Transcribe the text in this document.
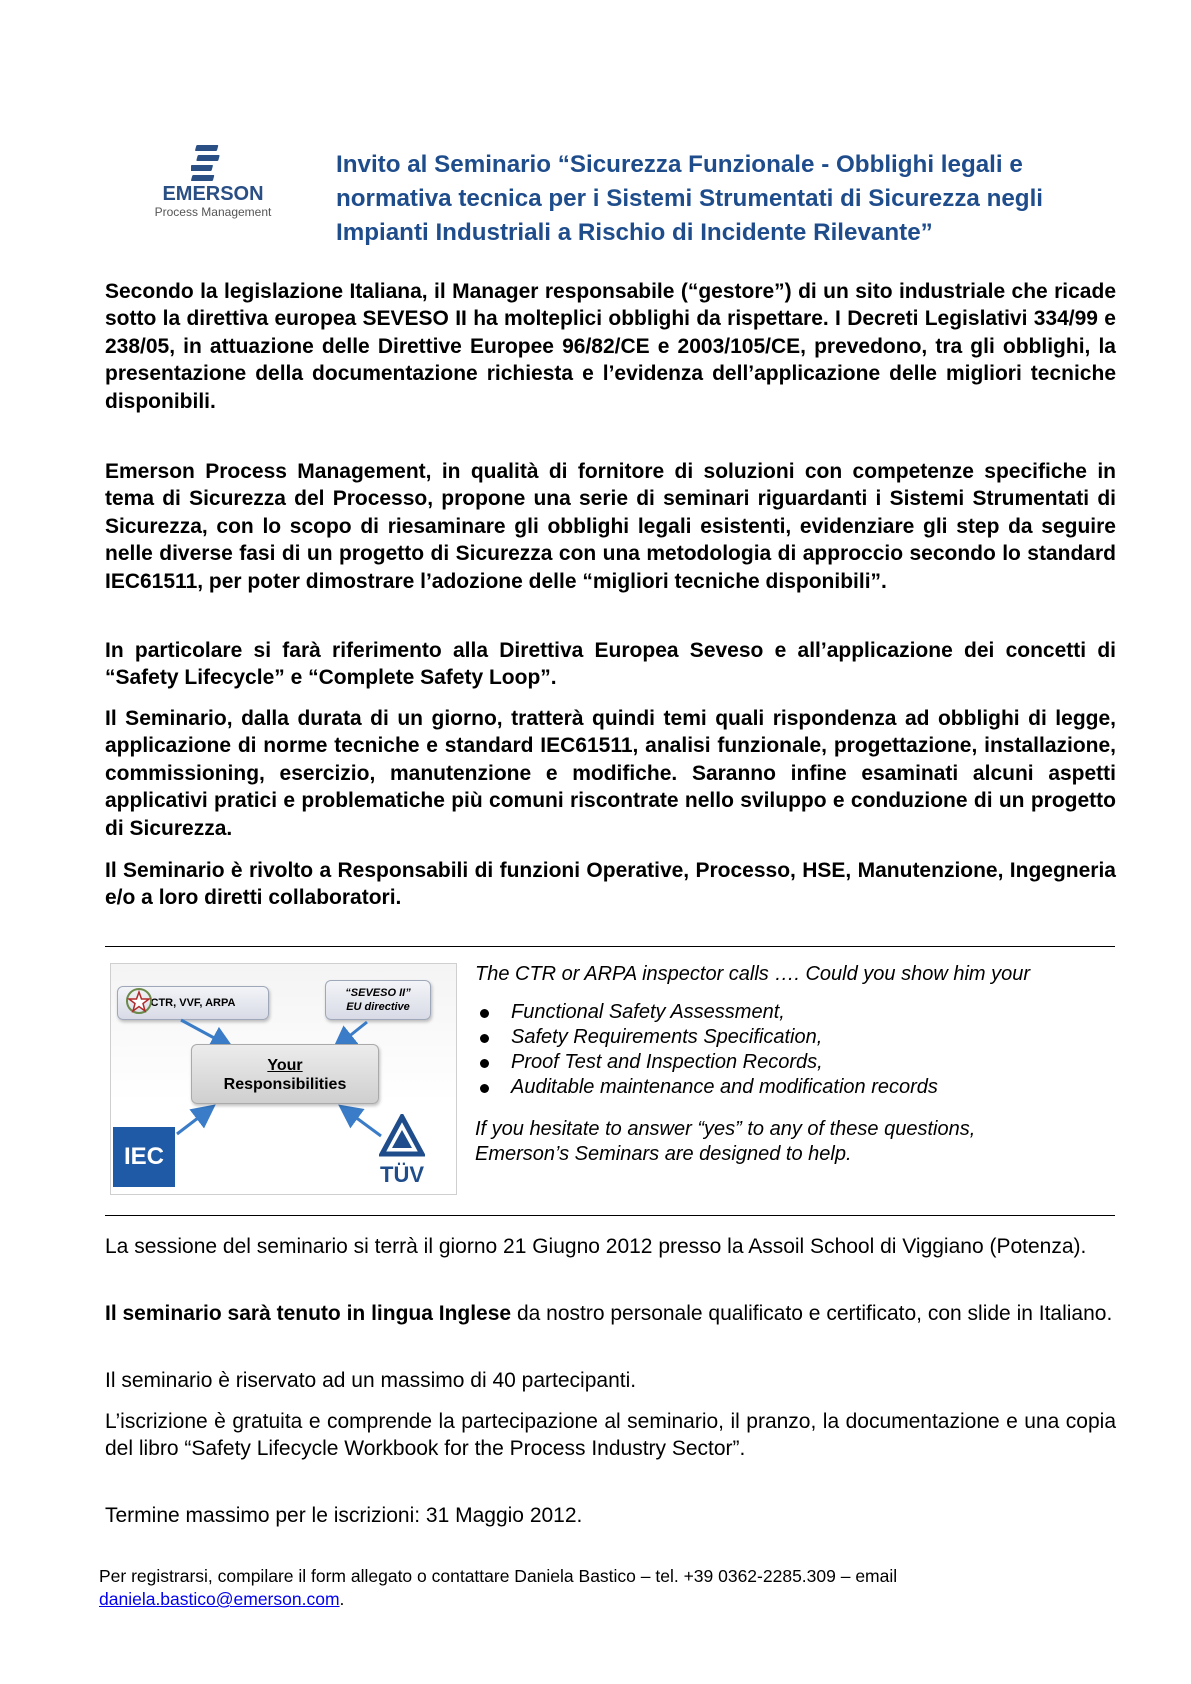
EMERSON
Process Management
Invito al Seminario “Sicurezza Funzionale - Obblighi legali e
normativa tecnica per i Sistemi Strumentati di Sicurezza negli
Impianti Industriali a Rischio di Incidente Rilevante”
Secondo la legislazione Italiana, il Manager responsabile (“gestore”) di un sito industriale che ricade sotto la direttiva europea SEVESO II ha molteplici obblighi da rispettare. I Decreti Legislativi 334/99 e 238/05, in attuazione delle Direttive Europee 96/82/CE e 2003/105/CE, prevedono, tra gli obblighi, la presentazione della documentazione richiesta e l’evidenza dell’applicazione delle migliori tecniche disponibili.
Emerson Process Management, in qualità di fornitore di soluzioni con competenze specifiche in tema di Sicurezza del Processo, propone una serie di seminari riguardanti i Sistemi Strumentati di Sicurezza, con lo scopo di riesaminare gli obblighi legali esistenti, evidenziare gli step da seguire nelle diverse fasi di un progetto di Sicurezza con una metodologia di approccio secondo lo standard IEC61511, per poter dimostrare l’adozione delle “migliori tecniche disponibili”.
In particolare si farà riferimento alla Direttiva Europea Seveso e all’applicazione dei concetti di “Safety Lifecycle” e “Complete Safety Loop”.
Il Seminario, dalla durata di un giorno, tratterà quindi temi quali rispondenza ad obblighi di legge, applicazione di norme tecniche e standard IEC61511, analisi funzionale, progettazione, installazione, commissioning, esercizio, manutenzione e modifiche. Saranno infine esaminati alcuni aspetti applicativi pratici e problematiche più comuni riscontrate nello sviluppo e conduzione di un progetto di Sicurezza.
Il Seminario è rivolto a Responsabili di funzioni Operative, Processo, HSE, Manutenzione, Ingegneria e/o a loro diretti collaboratori.
CTR, VVF, ARPA
“SEVESO II”
EU directive
Your
Responsibilities
IEC
TÜV
The CTR or ARPA inspector calls …. Could you show him your
Functional Safety Assessment,
Safety Requirements Specification,
Proof Test and Inspection Records,
Auditable maintenance and modification records
If you hesitate to answer “yes” to any of these questions,
Emerson’s Seminars are designed to help.
La sessione del seminario si terrà il giorno 21 Giugno 2012 presso la Assoil School di Viggiano (Potenza).
Il seminario sarà tenuto in lingua Inglese da nostro personale qualificato e certificato, con slide in Italiano.
Il seminario è riservato ad un massimo di 40 partecipanti.
L’iscrizione è gratuita e comprende la partecipazione al seminario, il pranzo, la documentazione e una copia del libro “Safety Lifecycle Workbook for the Process Industry Sector”.
Termine massimo per le iscrizioni: 31 Maggio 2012.
Per registrarsi, compilare il form allegato o contattare Daniela Bastico – tel. +39 0362-2285.309 – email
daniela.bastico@emerson.com.
